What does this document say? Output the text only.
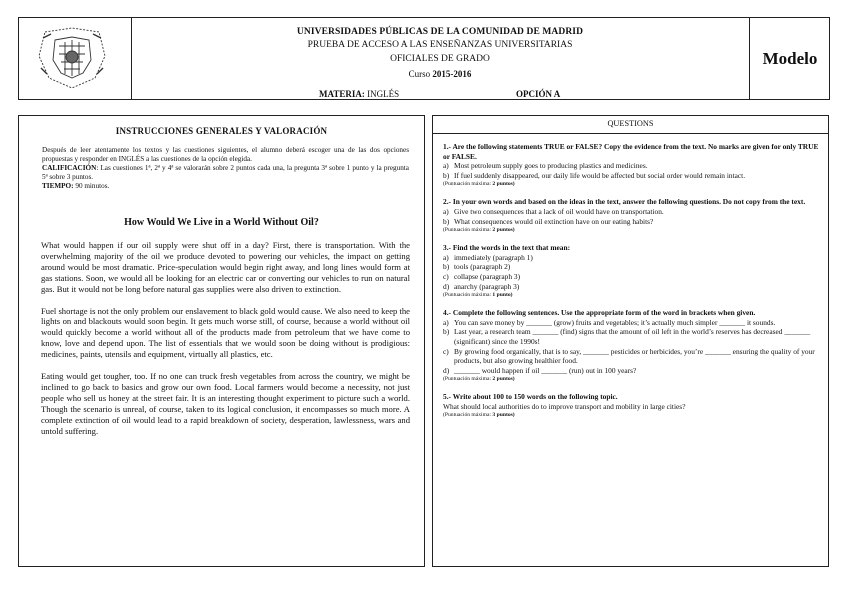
UNIVERSIDADES PÚBLICAS DE LA COMUNIDAD DE MADRID
PRUEBA DE ACCESO A LAS ENSEÑANZAS UNIVERSITARIAS
OFICIALES DE GRADO
Curso 2015-2016
MATERIA: INGLÉS	OPCIÓN A
Modelo
INSTRUCCIONES GENERALES Y VALORACIÓN

Después de leer atentamente los textos y las cuestiones siguientes, el alumno deberá escoger una de las dos opciones propuestas y responder en INGLÉS a las cuestiones de la opción elegida.

CALIFICACIÓN: Las cuestiones 1ª, 2ª y 4ª se valorarán sobre 2 puntos cada una, la pregunta 3ª sobre 1 punto y la pregunta 5ª sobre 3 puntos.

TIEMPO: 90 minutos.

How Would We Live in a World Without Oil?

What would happen if our oil supply were shut off in a day? First, there is transportation. With the overwhelming majority of the oil we produce devoted to powering our vehicles, the impact on getting around would be most dramatic. Price-speculation would begin right away, and long lines would form at gas stations. Soon, we would all be looking for an electric car or converting our vehicles to run on natural gas. But it would not be long before natural gas supplies were also driven to extinction.

Fuel shortage is not the only problem our enslavement to black gold would cause. We also need to keep the lights on and blackouts would soon begin. It gets much worse still, of course, because a world without oil would quickly become a world without all of the products made from petroleum that we have come to know, love and depend upon. The list of essentials that we would soon be doing without is prodigious: medicines, paints, utensils and equipment, virtually all plastics, etc.

Eating would get tougher, too. If no one can truck fresh vegetables from across the country, we might be inclined to go back to basics and grow our own food. Local farmers would become a necessity, not just people who sell us honey at the street fair. It is an interesting thought experiment to picture such a world. Though the scenario is unreal, of course, taken to its logical conclusion, it encompasses so much more. A complete extinction of oil would lead to a rapid breakdown of society, desperation, lawlessness, wars and untold suffering.

QUESTIONS
1.- Are the following statements TRUE or FALSE? Copy the evidence from the text. No marks are given for only TRUE or FALSE.
a) Most petroleum supply goes to producing plastics and medicines.
b) If fuel suddenly disappeared, our daily life would be affected but social order would remain intact.
(Puntuación máxima: 2 puntos)
2.- In your own words and based on the ideas in the text, answer the following questions. Do not copy from the text.
a) Give two consequences that a lack of oil would have on transportation.
b) What consequences would oil extinction have on our eating habits?
(Puntuación máxima: 2 puntos)
3.- Find the words in the text that mean:
a) immediately (paragraph 1)
b) tools (paragraph 2)
c) collapse (paragraph 3)
d) anarchy (paragraph 3)
(Puntuación máxima: 1 punto)
4.- Complete the following sentences. Use the appropriate form of the word in brackets when given.
a) You can save money by _______ (grow) fruits and vegetables; it’s actually much simpler _______ it sounds.
b) Last year, a research team _______ (find) signs that the amount of oil left in the world’s reserves has decreased _______ (significant) since the 1990s!
c) By growing food organically, that is to say, _______ pesticides or herbicides, you’re _______ ensuring the quality of your products, but also growing healthier food.
d) _______ would happen if oil _______ (run) out in 100 years?
(Puntuación máxima: 2 puntos)
5.- Write about 100 to 150 words on the following topic.
What should local authorities do to improve transport and mobility in large cities?
(Puntuación máxima: 3 puntos)
